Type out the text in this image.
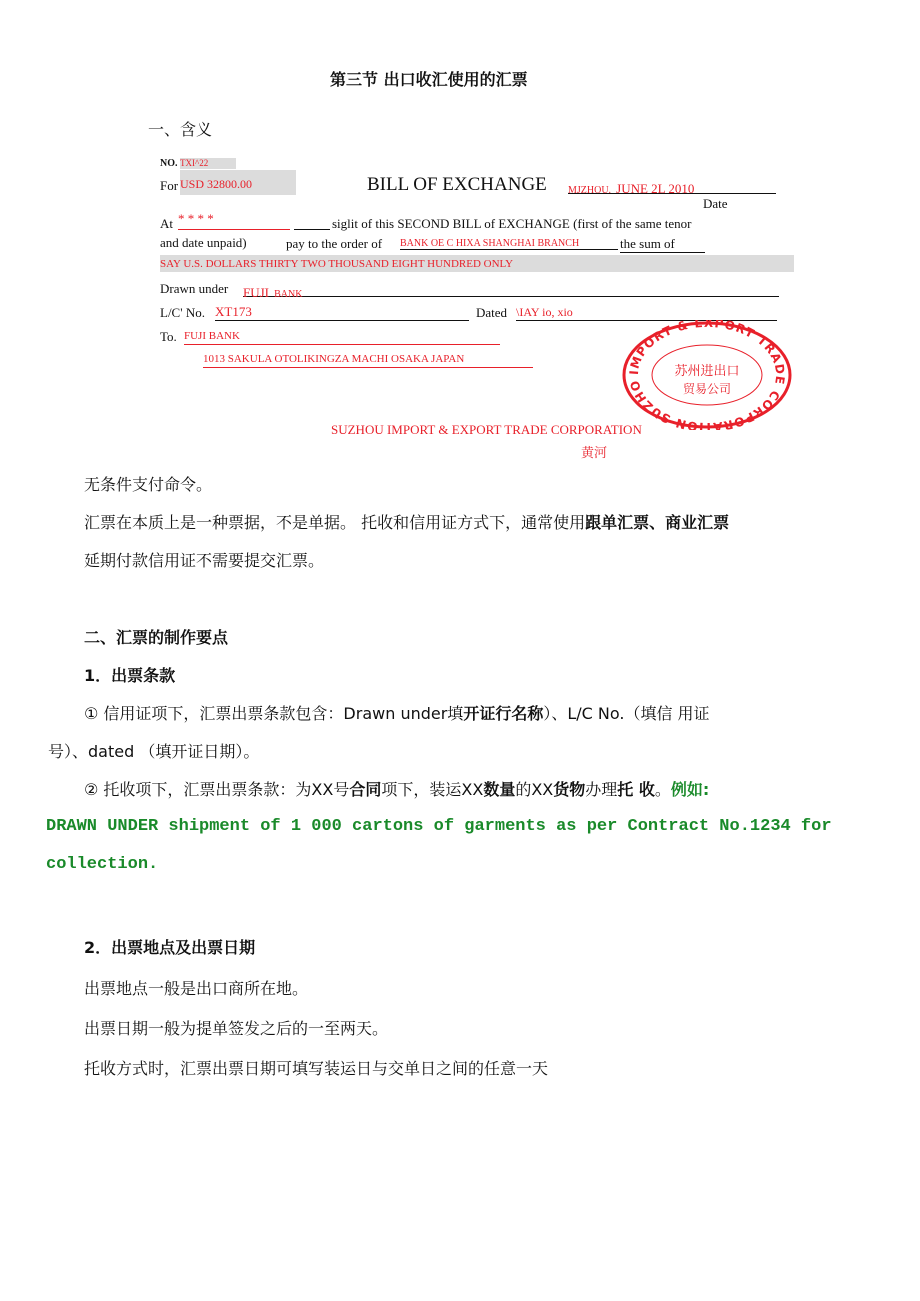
第三节 出口收汇使用的汇票
一、含义
NO. TXI^22
For USD 32800.00	BILL OF EXCHANGE MJZHOU. JUNE 2L 2010
Date
At * * * *	siglit of this SECOND BILL of EXCHANGE (first of the same tenor
and date unpaid)	pay to the order of BANK OE C HIXA SHANGHAI BRANCH	the sum of
SAY U.S. DOLLARS THIRTY TWO THOUSAND EIGHT HUNDRED ONLY
Drawn under FUJI BANK
L/C' No. XT173	Dated \IAY io, xio
To. FUJI BANK
1013 SAKULA OTOLIKINGZA MACHI OSAKA JAPAN
IMPORT & EXPORT TRADE CORPORATION SUZHO
苏州进出口
贸易公司
SUZHOU IMPORT & EXPORT TRADE CORPORATION
黄河
无条件支付命令。
汇票在本质上是一种票据，不是单据。 托收和信用证方式下，通常使用跟单汇票、商业汇票
延期付款信用证不需要提交汇票。
二、汇票的制作要点
1．出票条款
① 信用证项下，汇票出票条款包含：Drawn under填开证行名称）、L/C No.（填信 用证
号）、dated （填开证日期）。
② 托收项下，汇票出票条款：为XX号合同项下，装运XX数量的XX货物办理托 收。例如:
DRAWN UNDER shipment of 1 000 cartons of garments as per Contract No.1234 for
collection.
2．出票地点及出票日期
出票地点一般是出口商所在地。
出票日期一般为提单签发之后的一至两天。
托收方式时，汇票出票日期可填写装运日与交单日之间的任意一天
